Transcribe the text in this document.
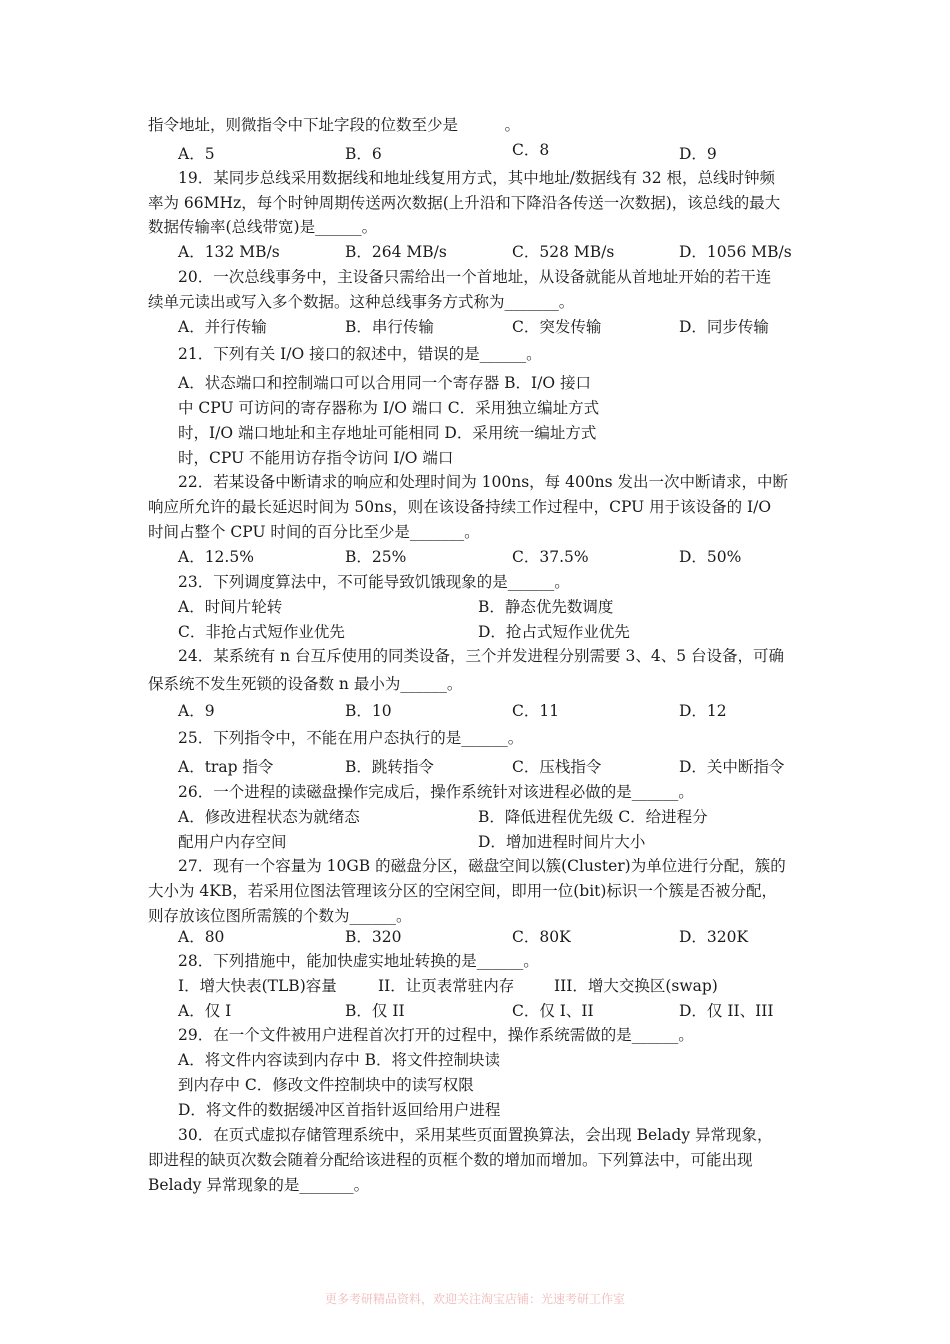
指令地址，则微指令中下址字段的位数至少是　　　。
A．5	B．6	C．8	D．9
19．某同步总线采用数据线和地址线复用方式，其中地址/数据线有 32 根，总线时钟频
率为 66MHz，每个时钟周期传送两次数据(上升沿和下降沿各传送一次数据)，该总线的最大
数据传输率(总线带宽)是______。
A．132 MB/s	B．264 MB/s	C．528 MB/s	D．1056 MB/s
20．一次总线事务中，主设备只需给出一个首地址，从设备就能从首地址开始的若干连
续单元读出或写入多个数据。这种总线事务方式称为_______。
A．并行传输	B．串行传输	C．突发传输	D．同步传输
21．下列有关 I/O 接口的叙述中，错误的是______。
A．状态端口和控制端口可以合用同一个寄存器 B．I/O 接口
中 CPU 可访问的寄存器称为 I/O 端口 C．采用独立编址方式
时，I/O 端口地址和主存地址可能相同 D．采用统一编址方式
时，CPU 不能用访存指令访问 I/O 端口
22．若某设备中断请求的响应和处理时间为 100ns，每 400ns 发出一次中断请求，中断
响应所允许的最长延迟时间为 50ns，则在该设备持续工作过程中，CPU 用于该设备的 I/O
时间占整个 CPU 时间的百分比至少是_______。
A．12.5%	B．25%	C．37.5%	D．50%
23．下列调度算法中，不可能导致饥饿现象的是______。
A．时间片轮转	B．静态优先数调度
C．非抢占式短作业优先	D．抢占式短作业优先
24．某系统有 n 台互斥使用的同类设备，三个并发进程分别需要 3、4、5 台设备，可确
保系统不发生死锁的设备数 n 最小为______。
A．9	B．10	C．11	D．12
25．下列指令中，不能在用户态执行的是______。
A．trap 指令	B．跳转指令	C．压栈指令	D．关中断指令
26．一个进程的读磁盘操作完成后，操作系统针对该进程必做的是______。
A．修改进程状态为就绪态	B．降低进程优先级 C．给进程分
配用户内存空间	D．增加进程时间片大小
27．现有一个容量为 10GB 的磁盘分区，磁盘空间以簇(Cluster)为单位进行分配，簇的
大小为 4KB，若采用位图法管理该分区的空闲空间，即用一位(bit)标识一个簇是否被分配，
则存放该位图所需簇的个数为______。
A．80	B．320	C．80K	D．320K
28．下列措施中，能加快虚实地址转换的是______。
I．增大快表(TLB)容量	II．让页表常驻内存	III．增大交换区(swap)
A．仅 I	B．仅 II	C．仅 I、II	D．仅 II、III
29．在一个文件被用户进程首次打开的过程中，操作系统需做的是______。
A．将文件内容读到内存中 B．将文件控制块读
到内存中 C．修改文件控制块中的读写权限
D．将文件的数据缓冲区首指针返回给用户进程
30．在页式虚拟存储管理系统中，采用某些页面置换算法，会出现 Belady 异常现象，
即进程的缺页次数会随着分配给该进程的页框个数的增加而增加。下列算法中，可能出现
Belady 异常现象的是_______。
更多考研精品资料，欢迎关注淘宝店铺：光速考研工作室
